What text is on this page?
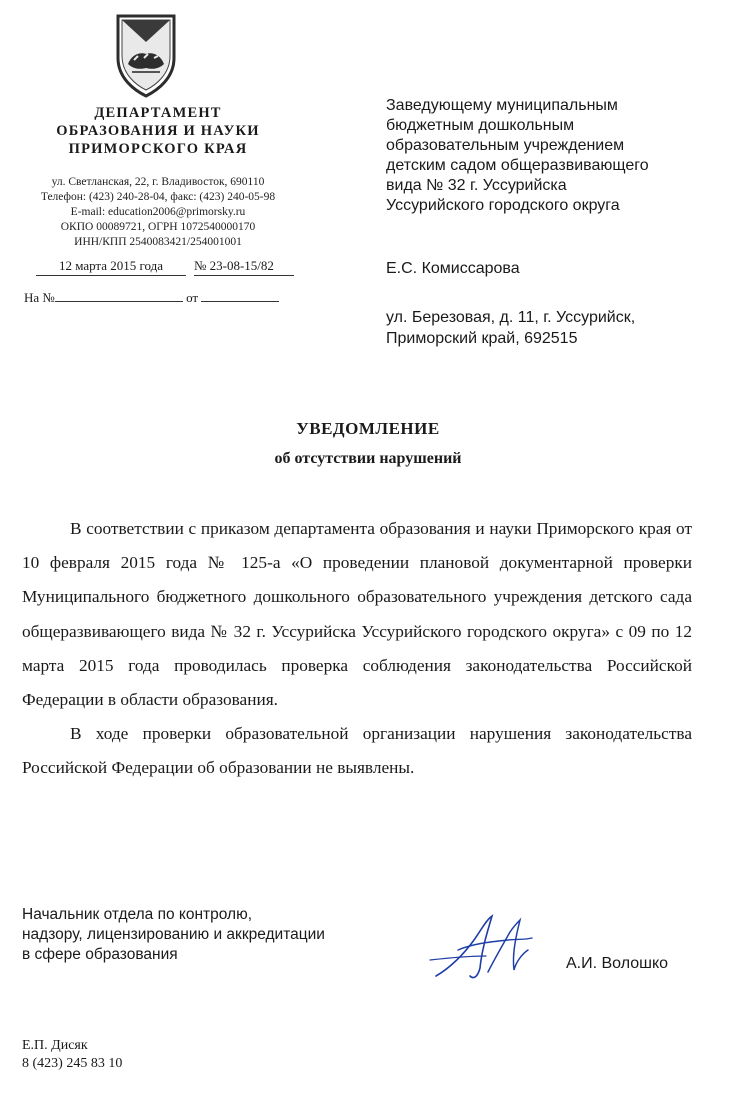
ДЕПАРТАМЕНТ
ОБРАЗОВАНИЯ И НАУКИ
ПРИМОРСКОГО КРАЯ
ул. Светланская, 22, г. Владивосток, 690110
Телефон: (423) 240-28-04, факс: (423) 240-05-98
E-mail: education2006@primorsky.ru
ОКПО 00089721, ОГРН 1072540000170
ИНН/КПП 2540083421/254001001
12 марта 2015 года	№ 23-08-15/82
На №	от
Заведующему муниципальным
бюджетным дошкольным
образовательным учреждением
детским садом общеразвивающего
вида № 32 г. Уссурийска
Уссурийского городского округа
Е.С. Комиссарова
ул. Березовая, д. 11, г. Уссурийск,
Приморский край, 692515
УВЕДОМЛЕНИЕ
об отсутствии нарушений

В соответствии с приказом департамента образования и науки Приморского края от 10 февраля 2015 года № 125-а «О проведении плановой документарной проверки Муниципального бюджетного дошкольного образовательного учреждения детского сада общеразвивающего вида № 32 г. Уссурийска Уссурийского городского округа» с 09 по 12 марта 2015 года проводилась проверка соблюдения законодательства Российской Федерации в области образования.

В ходе проверки образовательной организации нарушения законодательства Российской Федерации об образовании не выявлены.

Начальник отдела по контролю,
надзору, лицензированию и аккредитации
в сфере образования
А.И. Волошко
Е.П. Дисяк
8 (423) 245 83 10
